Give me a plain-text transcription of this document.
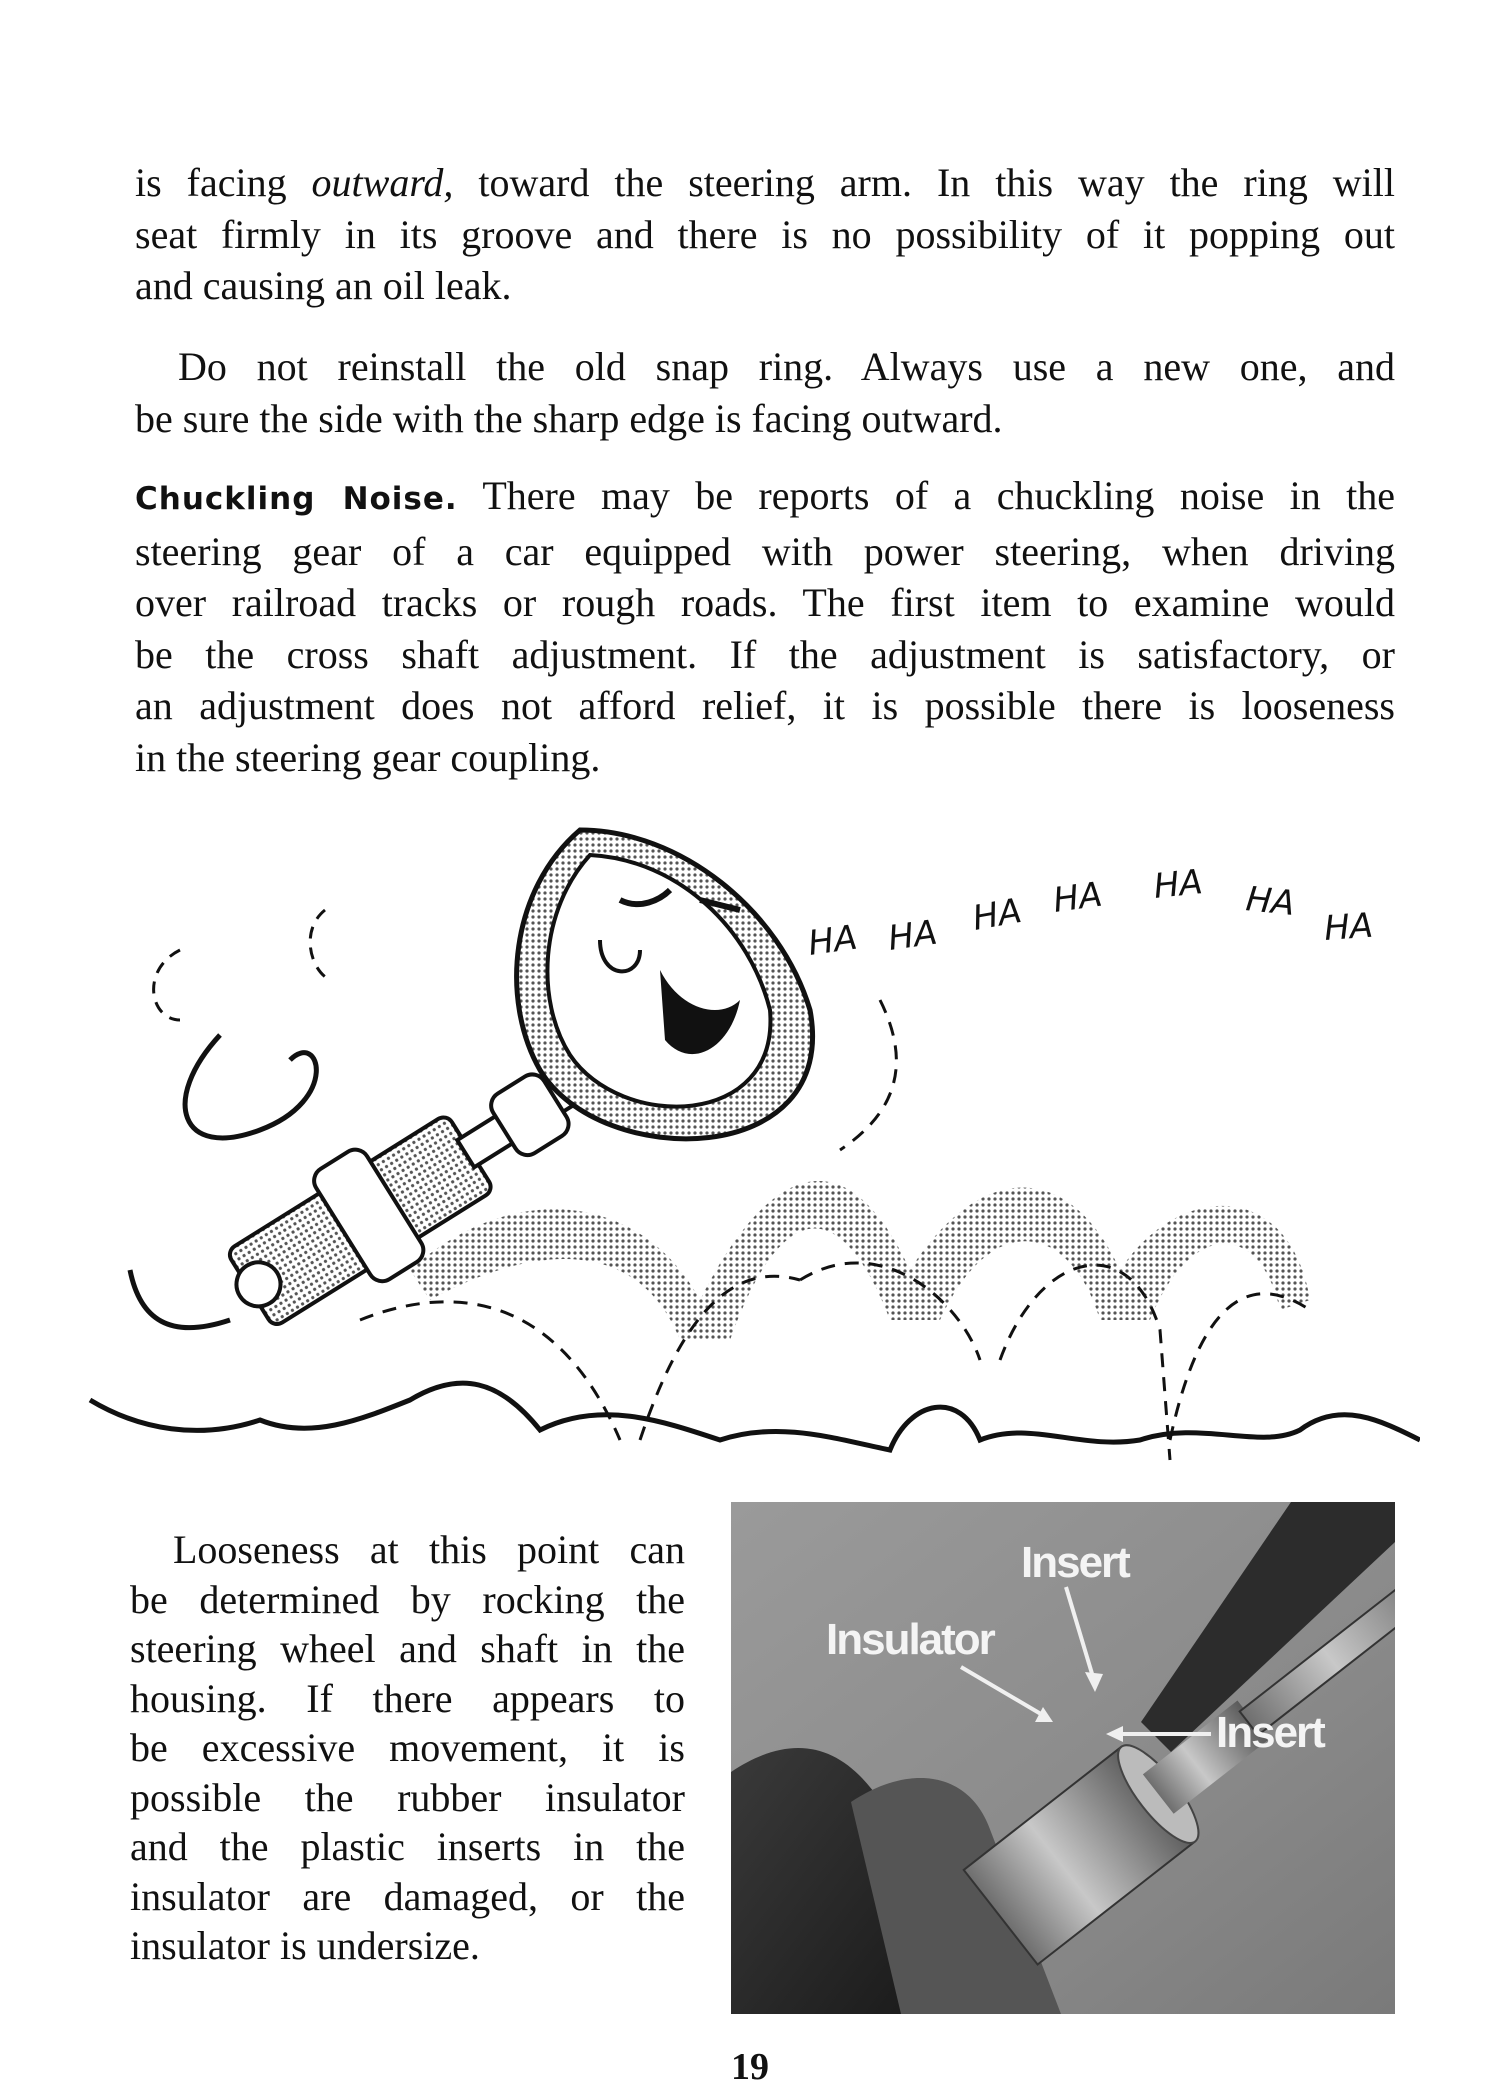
is facing outward, toward the steering arm. In this way the ring will
seat firmly in its groove and there is no possibility of it popping out
and causing an oil leak.

Do not reinstall the old snap ring. Always use a new one, and
be sure the side with the sharp edge is facing outward.

Chuckling Noise. There may be reports of a chuckling noise in the
steering gear of a car equipped with power steering, when driving
over railroad tracks or rough roads. The first item to examine would
be the cross shaft adjustment. If the adjustment is satisfactory, or
an adjustment does not afford relief, it is possible there is looseness
in the steering gear coupling.

HA HA HA HA HA HA
HA

Looseness at this point can
be determined by rocking the
steering wheel and shaft in the
housing. If there appears to
be excessive movement, it is
possible the rubber insulator
and the plastic inserts in the
insulator are damaged, or the
insulator is undersize.

Insert
Insulator
Insert
19
